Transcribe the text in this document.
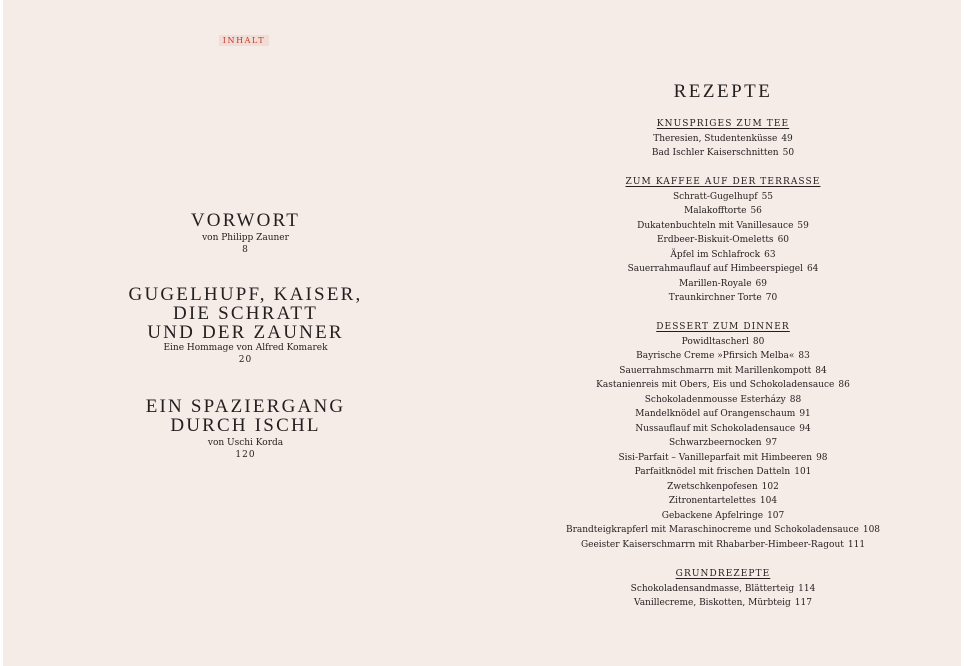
INHALT
VORWORT
von Philipp Zauner
8
GUGELHUPF, KAISER,
DIE SCHRATT
UND DER ZAUNER
Eine Hommage von Alfred Komarek
20
EIN SPAZIERGANG
DURCH ISCHL
von Uschi Korda
120
REZEPTE
KNUSPRIGES ZUM TEE
Theresien, Studentenküsse 49
Bad Ischler Kaiserschnitten 50
ZUM KAFFEE AUF DER TERRASSE
Schratt-Gugelhupf 55
Malakofftorte 56
Dukatenbuchteln mit Vanillesauce 59
Erdbeer-Biskuit-Omeletts 60
Äpfel im Schlafrock 63
Sauerrahmauflauf auf Himbeerspiegel 64
Marillen-Royale 69
Traunkirchner Torte 70
DESSERT ZUM DINNER
Powidltascherl 80
Bayrische Creme »Pfirsich Melba« 83
Sauerrahmschmarrn mit Marillenkompott 84
Kastanienreis mit Obers, Eis und Schokoladensauce 86
Schokoladenmousse Esterházy 88
Mandelknödel auf Orangenschaum 91
Nussauflauf mit Schokoladensauce 94
Schwarzbeernocken 97
Sisi-Parfait – Vanilleparfait mit Himbeeren 98
Parfaitknödel mit frischen Datteln 101
Zwetschkenpofesen 102
Zitronentartelettes 104
Gebackene Apfelringe 107
Brandteigkrapferl mit Maraschinocreme und Schokoladensauce 108
Geeister Kaiserschmarrn mit Rhabarber-Himbeer-Ragout 111
GRUNDREZEPTE
Schokoladensandmasse, Blätterteig 114
Vanillecreme, Biskotten, Mürbteig 117
